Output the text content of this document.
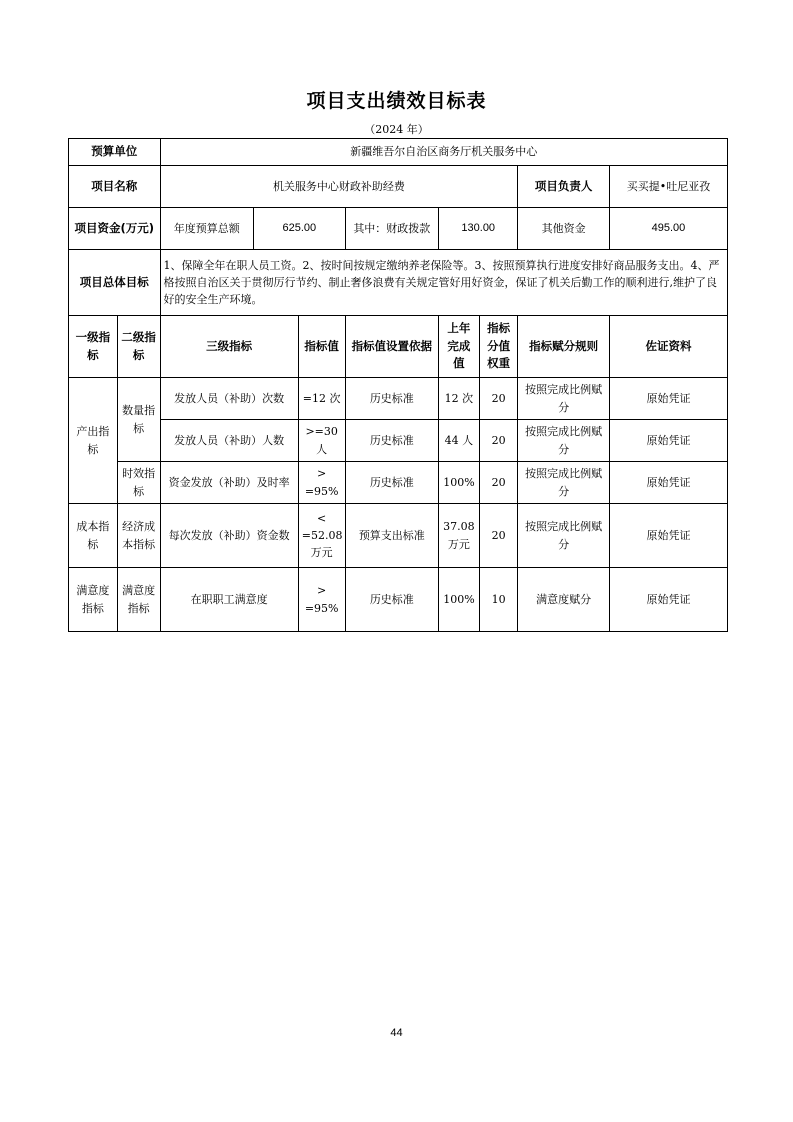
项目支出绩效目标表
（2024 年）
预算单位		新疆维吾尔自治区商务厅机关服务中心							
项目名称		机关服务中心财政补助经费						项目负责人	买买提•吐尼亚孜
项目资金(万元)		年度预算总额	625.00		其中：财政拨款	130.00		其他资金	495.00
项目总体目标		1、保障全年在职人员工资。2、按时间按规定缴纳养老保险等。3、按照预算执行进度安排好商品服务支出。4、严格按照自治区关于贯彻厉行节约、制止奢侈浪费有关规定管好用好资金，保证了机关后勤工作的顺利进行,维护了良好的安全生产环境。							
一级指标	二级指标	三级指标		指标值	指标值设置依据	上年完成值	指标分值权重	指标赋分规则	佐证资料
产出指标	数量指标	发放人员（补助）次数		=12 次	历史标准	12 次	20	按照完成比例赋分	原始凭证
		发放人员（补助）人数		>=30 人	历史标准	44 人	20	按照完成比例赋分	原始凭证
	时效指标	资金发放（补助）及时率		> =95%	历史标准	100%	20	按照完成比例赋分	原始凭证
成本指标	经济成本指标	每次发放（补助）资金数		< =52.08 万元	预算支出标准	37.08 万元	20	按照完成比例赋分	原始凭证
满意度指标	满意度指标	在职职工满意度		> =95%	历史标准	100%	10	满意度赋分	原始凭证
44
